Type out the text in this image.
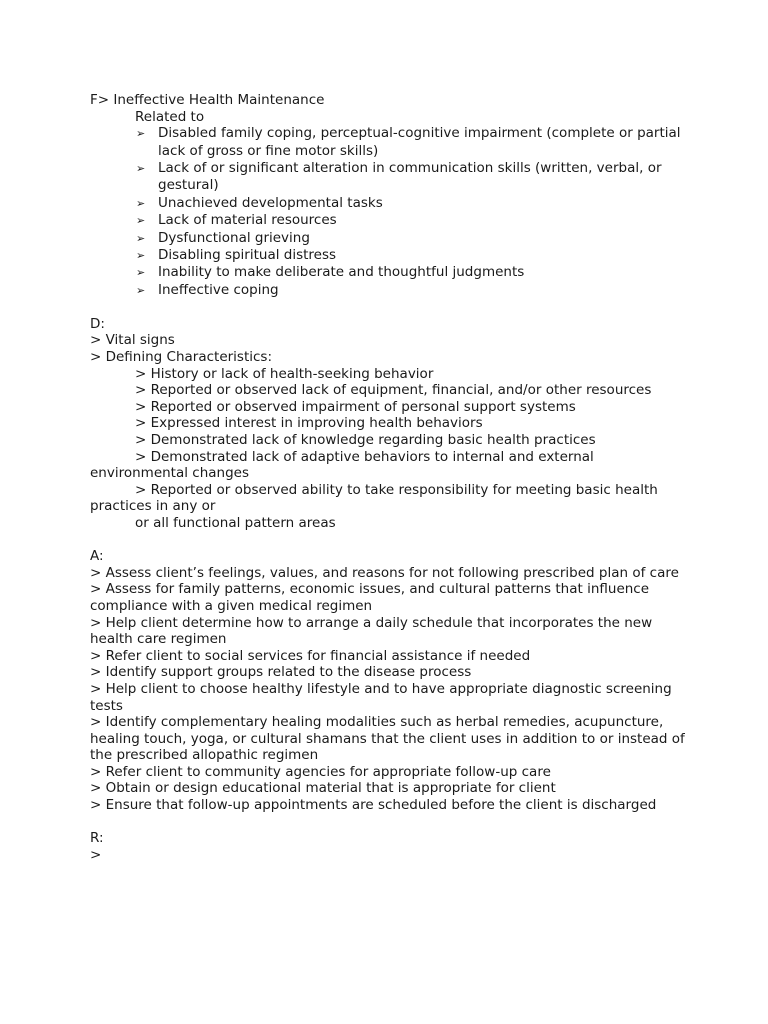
F> Ineffective Health Maintenance
Related to
➢ Disabled family coping, perceptual-cognitive impairment (complete or partial lack of gross or fine motor skills)
➢ Lack of or significant alteration in communication skills (written, verbal, or gestural)
➢ Unachieved developmental tasks
➢ Lack of material resources
➢ Dysfunctional grieving
➢ Disabling spiritual distress
➢ Inability to make deliberate and thoughtful judgments
➢ Ineffective coping
D:
> Vital signs
> Defining Characteristics:
> History or lack of health-seeking behavior
> Reported or observed lack of equipment, financial, and/or other resources
> Reported or observed impairment of personal support systems
> Expressed interest in improving health behaviors
> Demonstrated lack of knowledge regarding basic health practices
> Demonstrated lack of adaptive behaviors to internal and external
environmental changes
> Reported or observed ability to take responsibility for meeting basic health
practices in any or
or all functional pattern areas
A:
> Assess client’s feelings, values, and reasons for not following prescribed plan of care
> Assess for family patterns, economic issues, and cultural patterns that influence compliance with a given medical regimen
> Help client determine how to arrange a daily schedule that incorporates the new health care regimen
> Refer client to social services for financial assistance if needed
> Identify support groups related to the disease process
> Help client to choose healthy lifestyle and to have appropriate diagnostic screening tests
> Identify complementary healing modalities such as herbal remedies, acupuncture, healing touch, yoga, or cultural shamans that the client uses in addition to or instead of the prescribed allopathic regimen
> Refer client to community agencies for appropriate follow-up care
> Obtain or design educational material that is appropriate for client
> Ensure that follow-up appointments are scheduled before the client is discharged
R:
>
